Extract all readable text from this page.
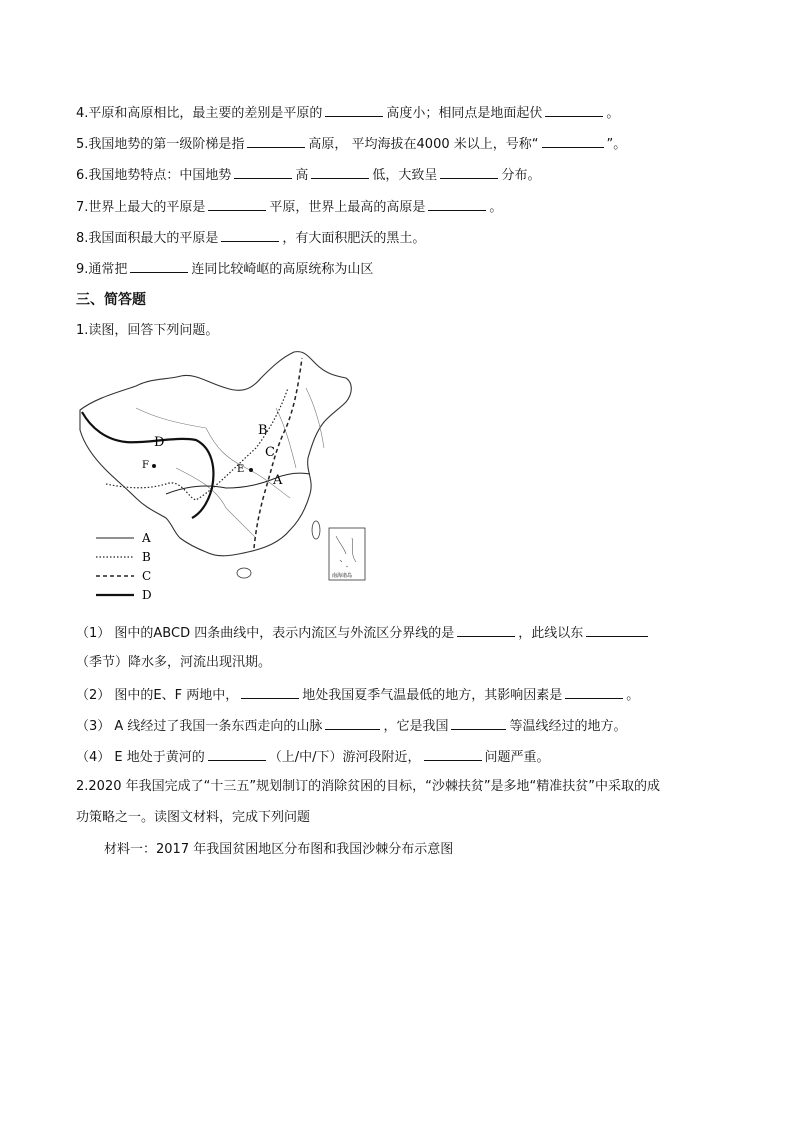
4.平原和高原相比，最主要的差别是平原的	高度小；相同点是地面起伏	。
5.我国地势的第一级阶梯是指	高原， 平均海拔在4000 米以上，号称“	”。
6.我国地势特点：中国地势	高	低，大致呈	分布。
7.世界上最大的平原是	平原，世界上最高的高原是	。
8.我国面积最大的平原是	，有大面积肥沃的黑土。
9.通常把	连同比较崎岖的高原统称为山区
三、简答题
1.读图，回答下列问题。
D
F	E
B
C
A
南海诸岛
A
B
C
D
（1） 图中的ABCD 四条曲线中，表示内流区与外流区分界线的是	，此线以东
（季节）降水多，河流出现汛期。
（2） 图中的E、F 两地中，	地处我国夏季气温最低的地方，其影响因素是	。
（3） A 线经过了我国一条东西走向的山脉	，它是我国	等温线经过的地方。
（4） E 地处于黄河的	（上/中/下）游河段附近，	问题严重。
2.2020 年我国完成了“十三五”规划制订的消除贫困的目标，“沙棘扶贫”是多地“精准扶贫”中采取的成
功策略之一。读图文材料，完成下列问题
材料一：2017 年我国贫困地区分布图和我国沙棘分布示意图
